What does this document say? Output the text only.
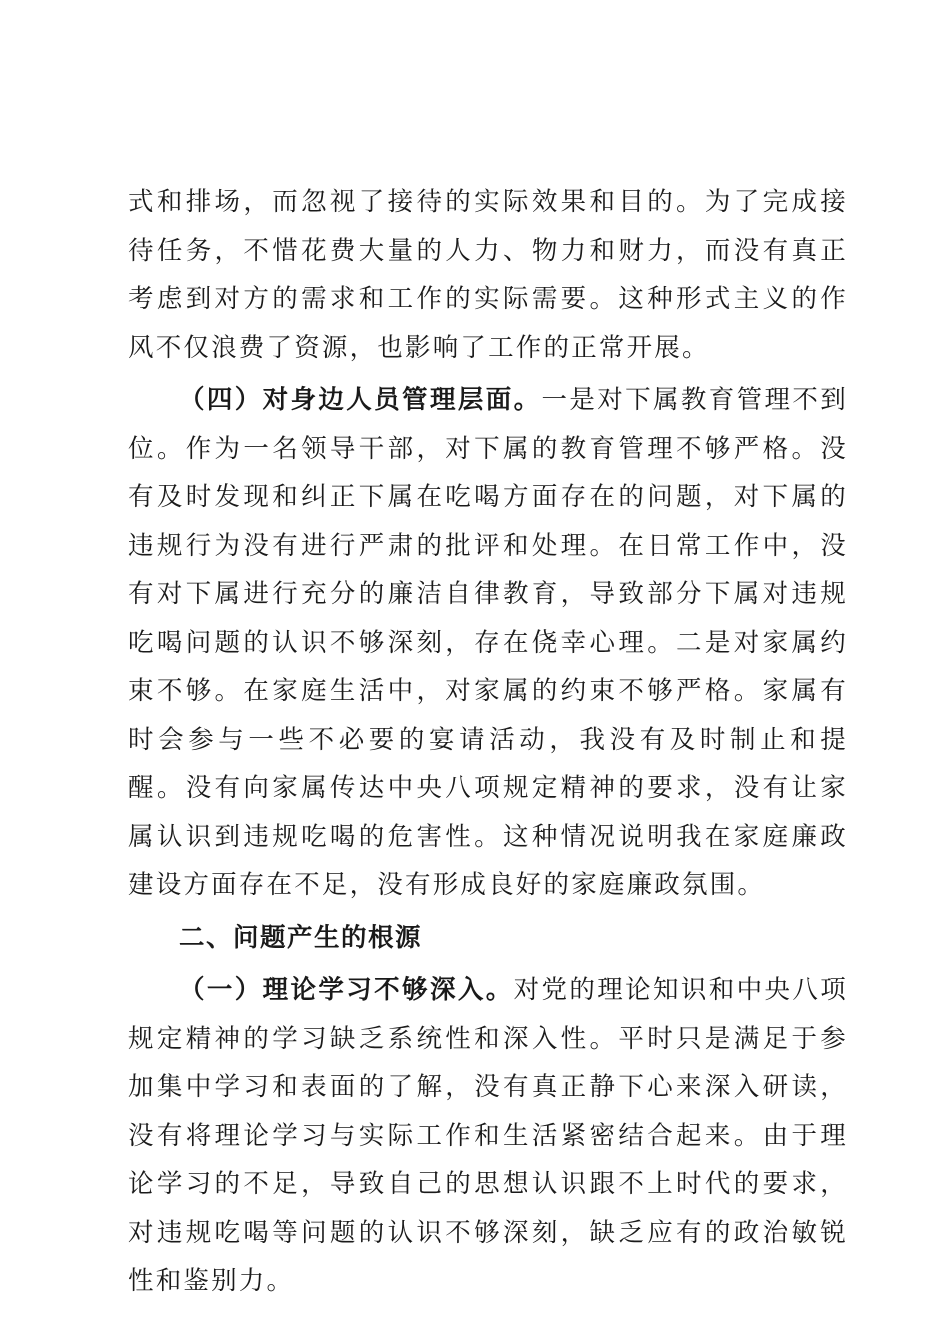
式和排场，而忽视了接待的实际效果和目的。为了完成接待任务，不惜花费大量的人力、物力和财力，而没有真正考虑到对方的需求和工作的实际需要。这种形式主义的作风不仅浪费了资源，也影响了工作的正常开展。

（四）对身边人员管理层面。一是对下属教育管理不到位。作为一名领导干部，对下属的教育管理不够严格。没有及时发现和纠正下属在吃喝方面存在的问题，对下属的违规行为没有进行严肃的批评和处理。在日常工作中，没有对下属进行充分的廉洁自律教育，导致部分下属对违规吃喝问题的认识不够深刻，存在侥幸心理。二是对家属约束不够。在家庭生活中，对家属的约束不够严格。家属有时会参与一些不必要的宴请活动，我没有及时制止和提醒。没有向家属传达中央八项规定精神的要求，没有让家属认识到违规吃喝的危害性。这种情况说明我在家庭廉政建设方面存在不足，没有形成良好的家庭廉政氛围。

二、问题产生的根源

（一）理论学习不够深入。对党的理论知识和中央八项规定精神的学习缺乏系统性和深入性。平时只是满足于参加集中学习和表面的了解，没有真正静下心来深入研读，没有将理论学习与实际工作和生活紧密结合起来。由于理论学习的不足，导致自己的思想认识跟不上时代的要求，对违规吃喝等问题的认识不够深刻，缺乏应有的政治敏锐性和鉴别力。
